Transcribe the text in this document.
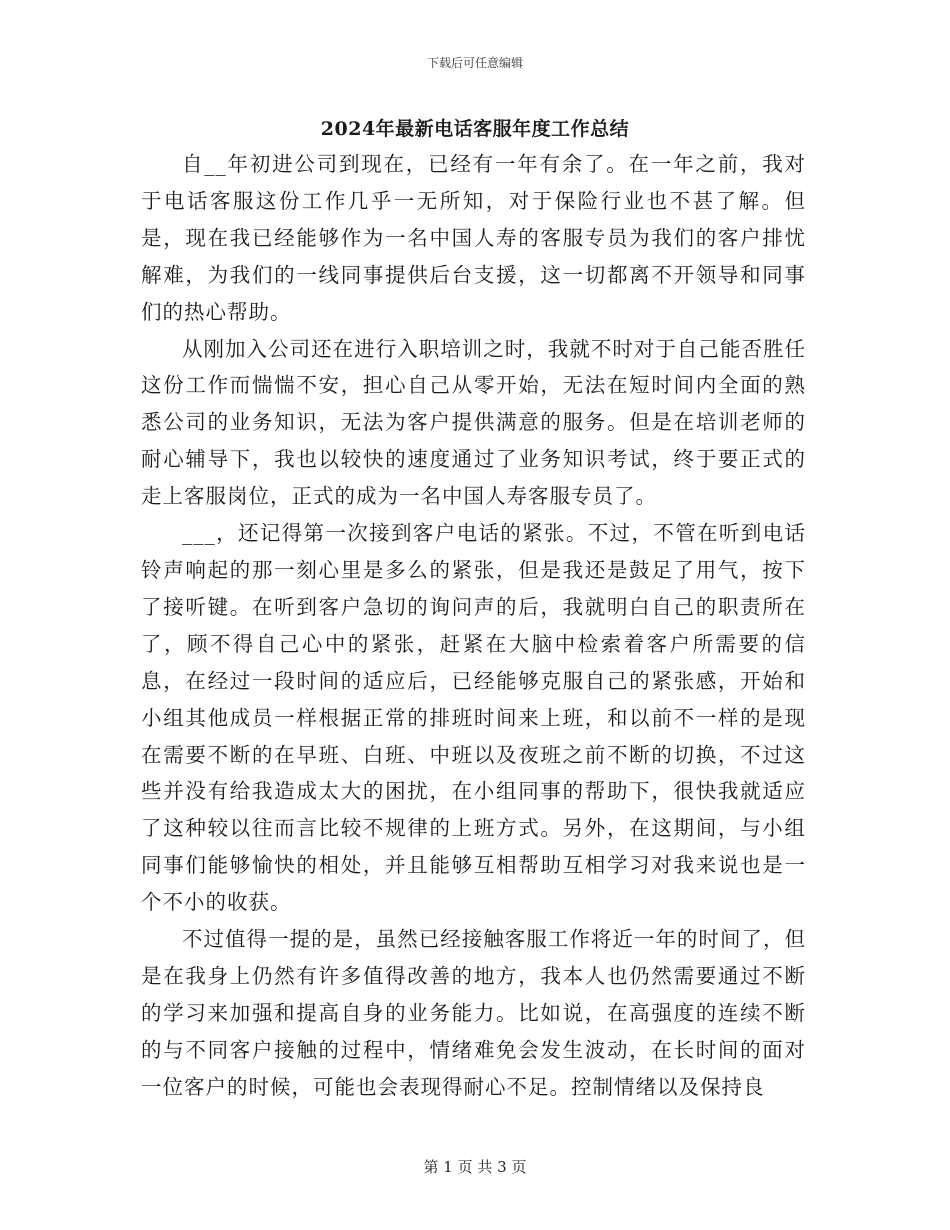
下载后可任意编辑
2024年最新电话客服年度工作总结

自__年初进公司到现在，已经有一年有余了。在一年之前，我对于电话客服这份工作几乎一无所知，对于保险行业也不甚了解。但是，现在我已经能够作为一名中国人寿的客服专员为我们的客户排忧解难，为我们的一线同事提供后台支援，这一切都离不开领导和同事们的热心帮助。

从刚加入公司还在进行入职培训之时，我就不时对于自己能否胜任这份工作而惴惴不安，担心自己从零开始，无法在短时间内全面的熟悉公司的业务知识，无法为客户提供满意的服务。但是在培训老师的耐心辅导下，我也以较快的速度通过了业务知识考试，终于要正式的走上客服岗位，正式的成为一名中国人寿客服专员了。

___，还记得第一次接到客户电话的紧张。不过，不管在听到电话铃声响起的那一刻心里是多么的紧张，但是我还是鼓足了用气，按下了接听键。在听到客户急切的询问声的后，我就明白自己的职责所在了，顾不得自己心中的紧张，赶紧在大脑中检索着客户所需要的信息，在经过一段时间的适应后，已经能够克服自己的紧张感，开始和小组其他成员一样根据正常的排班时间来上班，和以前不一样的是现在需要不断的在早班、白班、中班以及夜班之前不断的切换，不过这些并没有给我造成太大的困扰，在小组同事的帮助下，很快我就适应了这种较以往而言比较不规律的上班方式。另外，在这期间，与小组同事们能够愉快的相处，并且能够互相帮助互相学习对我来说也是一个不小的收获。

不过值得一提的是，虽然已经接触客服工作将近一年的时间了，但是在我身上仍然有许多值得改善的地方，我本人也仍然需要通过不断的学习来加强和提高自身的业务能力。比如说，在高强度的连续不断的与不同客户接触的过程中，情绪难免会发生波动，在长时间的面对一位客户的时候，可能也会表现得耐心不足。控制情绪以及保持良

第 1 页 共 3 页
